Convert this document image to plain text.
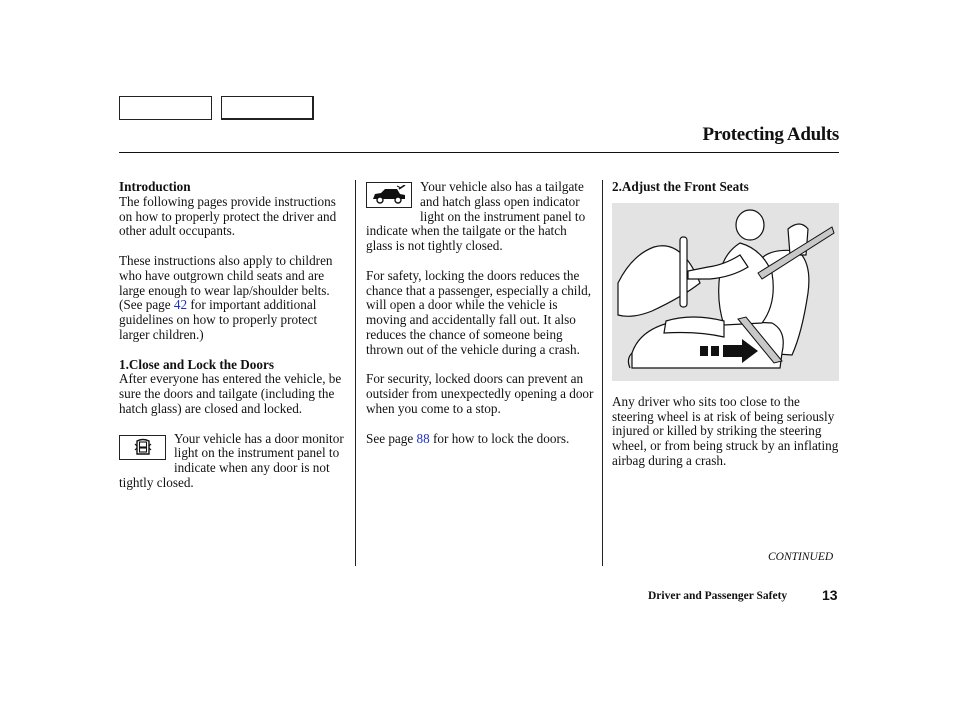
Protecting Adults

Introduction

The following pages provide instructions on how to properly protect the driver and other adult occupants.

These instructions also apply to children who have outgrown child seats and are large enough to wear lap/shoulder belts. (See page 42 for important additional guidelines on how to properly protect larger children.)

1.Close and Lock the Doors

After everyone has entered the vehicle, be sure the doors and tailgate (including the hatch glass) are closed and locked.

Your vehicle has a door monitor light on the instrument panel to indicate when any door is not tightly closed.

Your vehicle also has a tailgate and hatch glass open indicator light on the instrument panel to indicate when the tailgate or the hatch glass is not tightly closed.

For safety, locking the doors reduces the chance that a passenger, especially a child, will open a door while the vehicle is moving and accidentally fall out. It also reduces the chance of someone being thrown out of the vehicle during a crash.

For security, locked doors can prevent an outsider from unexpectedly opening a door when you come to a stop.

See page 88 for how to lock the doors.

2.Adjust the Front Seats

Any driver who sits too close to the steering wheel is at risk of being seriously injured or killed by striking the steering wheel, or from being struck by an inflating airbag during a crash.

CONTINUED

Driver and Passenger Safety 13
